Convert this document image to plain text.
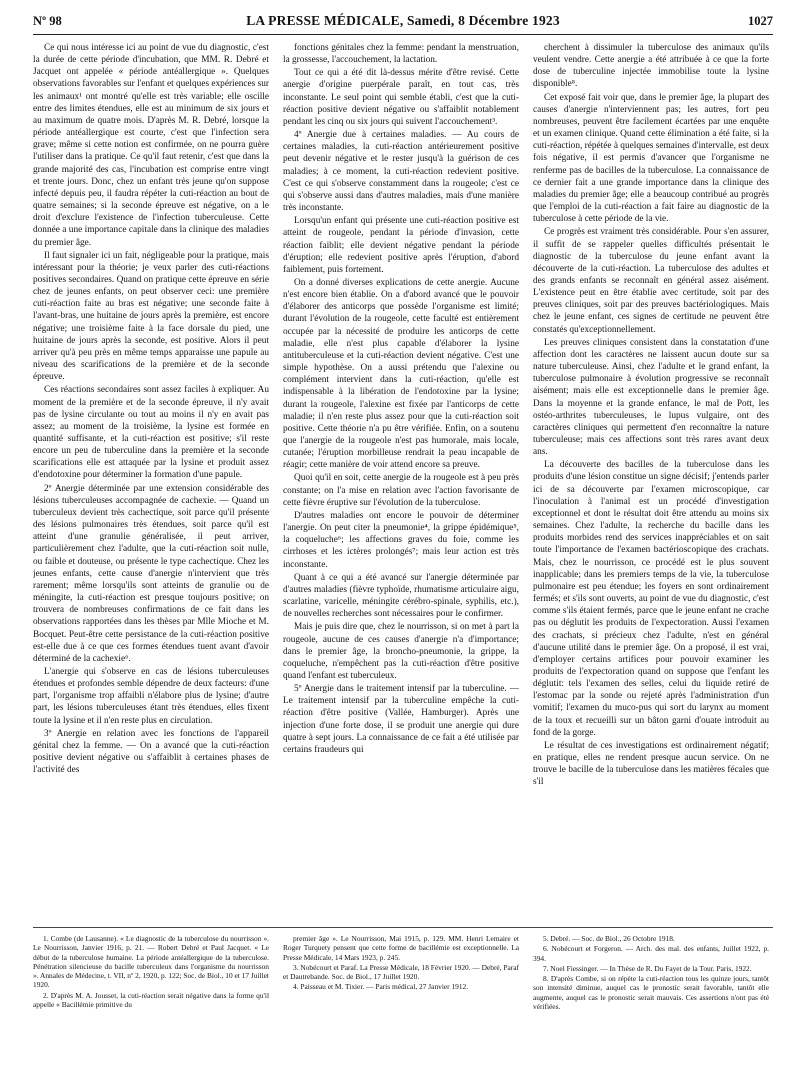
Nº 98	LA PRESSE MÉDICALE, Samedi, 8 Décembre 1923	1027

Ce qui nous intéresse ici au point de vue du diagnostic, c'est la durée de cette période d'incubation, que MM. R. Debré et Jacquet ont appelée « période antéallergique ». Quelques observations favorables sur l'enfant et quelques expériences sur les animaux¹ ont montré qu'elle est très variable; elle oscille entre des limites étendues, elle est au minimum de six jours et au maximum de quatre mois. D'après M. R. Debré, lorsque la période antéallergique est courte, c'est que l'infection sera grave; même si cette notion est confirmée, on ne pourra guère l'utiliser dans la pratique. Ce qu'il faut retenir, c'est que dans la grande majorité des cas, l'incubation est comprise entre vingt et trente jours. Donc, chez un enfant très jeune qu'on suppose infecté depuis peu, il faudra répéter la cuti-réaction au bout de quatre semaines; si la seconde épreuve est négative, on a le droit d'exclure l'existence de l'infection tuberculeuse. Cette donnée a une importance capitale dans la clinique des maladies du premier âge.

Il faut signaler ici un fait, négligeable pour la pratique, mais intéressant pour la théorie; je veux parler des cuti-réactions positives secondaires. Quand on pratique cette épreuve en série chez de jeunes enfants, on peut observer ceci: une première cuti-réaction faite au bras est négative; une seconde faite à l'avant-bras, une huitaine de jours après la première, est encore négative; une troisième faite à la face dorsale du pied, une huitaine de jours après la seconde, est positive. Alors il peut arriver qu'à peu près en même temps apparaisse une papule au niveau des scarifications de la première et de la seconde épreuve.

Ces réactions secondaires sont assez faciles à expliquer. Au moment de la première et de la seconde épreuve, il n'y avait pas de lysine circulante ou tout au moins il n'y en avait pas assez; au moment de la troisième, la lysine est formée en quantité suffisante, et la cuti-réaction est positive; s'il reste encore un peu de tuberculine dans la première et la seconde scarifications elle est attaquée par la lysine et produit assez d'endotoxine pour déterminer la formation d'une papule.

2º Anergie déterminée par une extension considérable des lésions tuberculeuses accompagnée de cachexie. — Quand un tuberculeux devient très cachectique, soit parce qu'il présente des lésions pulmonaires très étendues, soit parce qu'il est atteint d'une granulie généralisée, il peut arriver, particulièrement chez l'adulte, que la cuti-réaction soit nulle, ou faible et douteuse, ou présente le type cachectique. Chez les jeunes enfants, cette cause d'anergie n'intervient que très rarement; même lorsqu'ils sont atteints de granulie ou de méningite, la cuti-réaction est presque toujours positive; on trouvera de nombreuses confirmations de ce fait dans les observations rapportées dans les thèses par Mlle Mioche et M. Bocquet. Peut-être cette persistance de la cuti-réaction positive est-elle due à ce que ces formes étendues tuent avant d'avoir déterminé de la cachexie⁶.

L'anergie qui s'observe en cas de lésions tuberculeuses étendues et profondes semble dépendre de deux facteurs: d'une part, l'organisme trop affaibli n'élabore plus de lysine; d'autre part, les lésions tuberculeuses étant très étendues, elles fixent toute la lysine et il n'en reste plus en circulation.

3º Anergie en relation avec les fonctions de l'appareil génital chez la femme. — On a avancé que la cuti-réaction positive devient négative ou s'affaiblit à certaines phases de l'activité des

fonctions génitales chez la femme: pendant la menstruation, la grossesse, l'accouchement, la lactation.

Tout ce qui a été dit là-dessus mérite d'être revisé. Cette anergie d'origine puerpérale paraît, en tout cas, très inconstante. Le seul point qui semble établi, c'est que la cuti-réaction positive devient négative ou s'affaiblit notablement pendant les cinq ou six jours qui suivent l'accouchement³.

4º Anergie due à certaines maladies. — Au cours de certaines maladies, la cuti-réaction antérieurement positive peut devenir négative et le rester jusqu'à la guérison de ces maladies; à ce moment, la cuti-réaction redevient positive. C'est ce qui s'observe constamment dans la rougeole; c'est ce qui s'observe aussi dans d'autres maladies, mais d'une manière très inconstante.

Lorsqu'un enfant qui présente une cuti-réaction positive est atteint de rougeole, pendant la période d'invasion, cette réaction faiblit; elle devient négative pendant la période d'éruption; elle redevient positive après l'éruption, d'abord faiblement, puis fortement.

On a donné diverses explications de cette anergie. Aucune n'est encore bien établie. On a d'abord avancé que le pouvoir d'élaborer des anticorps que possède l'organisme est limité; durant l'évolution de la rougeole, cette faculté est entièrement occupée par la nécessité de produire les anticorps de cette maladie, elle n'est plus capable d'élaborer la lysine antituberculeuse et la cuti-réaction devient négative. C'est une simple hypothèse. On a aussi prétendu que l'alexine ou complément intervient dans la cuti-réaction, qu'elle est indispensable à la libération de l'endotoxine par la lysine; durant la rougeole, l'alexine est fixée par l'anticorps de cette maladie; il n'en reste plus assez pour que la cuti-réaction soit positive. Cette théorie n'a pu être vérifiée. Enfin, on a soutenu que l'anergie de la rougeole n'est pas humorale, mais locale, cutanée; l'éruption morbilleuse rendrait la peau incapable de réagir; cette manière de voir attend encore sa preuve.

Quoi qu'il en soit, cette anergie de la rougeole est à peu près constante; on l'a mise en relation avec l'action favorisante de cette fièvre éruptive sur l'évolution de la tuberculose.

D'autres maladies ont encore le pouvoir de déterminer l'anergie. On peut citer la pneumonie⁴, la grippe épidémique⁵, la coqueluche⁶; les affections graves du foie, comme les cirrhoses et les ictères prolongés⁷; mais leur action est très inconstante.

Quant à ce qui a été avancé sur l'anergie déterminée par d'autres maladies (fièvre typhoïde, rhumatisme articulaire aigu, scarlatine, varicelle, méningite cérébro-spinale, syphilis, etc.), de nouvelles recherches sont nécessaires pour le confirmer.

Mais je puis dire que, chez le nourrisson, si on met à part la rougeole, aucune de ces causes d'anergie n'a d'importance; dans le premier âge, la broncho-pneumonie, la grippe, la coqueluche, n'empêchent pas la cuti-réaction d'être positive quand l'enfant est tuberculeux.

5º Anergie dans le traitement intensif par la tuberculine. — Le traitement intensif par la tuberculine empêche la cuti-réaction d'être positive (Vallée, Hamburger). Après une injection d'une forte dose, il se produit une anergie qui dure quatre à sept jours. La connaissance de ce fait a été utilisée par certains fraudeurs qui

cherchent à dissimuler la tuberculose des animaux qu'ils veulent vendre. Cette anergie a été attribuée à ce que la forte dose de tuberculine injectée immobilise toute la lysine disponible⁸.

Cet exposé fait voir que, dans le premier âge, la plupart des causes d'anergie n'interviennent pas; les autres, fort peu nombreuses, peuvent être facilement écartées par une enquête et un examen clinique. Quand cette élimination a été faite, si la cuti-réaction, répétée à quelques semaines d'intervalle, est deux fois négative, il est permis d'avancer que l'organisme ne renferme pas de bacilles de la tuberculose. La connaissance de ce dernier fait a une grande importance dans la clinique des maladies du premier âge; elle a beaucoup contribué au progrès que l'emploi de la cuti-réaction a fait faire au diagnostic de la tuberculose à cette période de la vie.

Ce progrès est vraiment très considérable. Pour s'en assurer, il suffit de se rappeler quelles difficultés présentait le diagnostic de la tuberculose du jeune enfant avant la découverte de la cuti-réaction. La tuberculose des adultes et des grands enfants se reconnaît en général assez aisément. L'existence peut en être établie avec certitude, soit par des preuves cliniques, soit par des preuves bactériologiques. Mais chez le jeune enfant, ces signes de certitude ne peuvent être constatés qu'exceptionnellement.

Les preuves cliniques consistent dans la constatation d'une affection dont les caractères ne laissent aucun doute sur sa nature tuberculeuse. Ainsi, chez l'adulte et le grand enfant, la tuberculose pulmonaire à évolution progressive se reconnaît aisément; mais elle est exceptionnelle dans le premier âge. Dans la moyenne et la grande enfance, le mal de Pott, les ostéo-arthrites tuberculeuses, le lupus vulgaire, ont des caractères cliniques qui permettent d'en reconnaître la nature tuberculeuse; mais ces affections sont très rares avant deux ans.

La découverte des bacilles de la tuberculose dans les produits d'une lésion constitue un signe décisif; j'entends parler ici de sa découverte par l'examen microscopique, car l'inoculation à l'animal est un procédé d'investigation exceptionnel et dont le résultat doit être attendu au moins six semaines. Chez l'adulte, la recherche du bacille dans les produits morbides rend des services inappréciables et on sait toute l'importance de l'examen bactérioscopique des crachats. Mais, chez le nourrisson, ce procédé est le plus souvent inapplicable; dans les premiers temps de la vie, la tuberculose pulmonaire est peu étendue; les foyers en sont ordinairement fermés; et s'ils sont ouverts, au point de vue du diagnostic, c'est comme s'ils étaient fermés, parce que le jeune enfant ne crache pas ou déglutit les produits de l'expectoration. Aussi l'examen des crachats, si précieux chez l'adulte, n'est en général d'aucune utilité dans le premier âge. On a proposé, il est vrai, d'employer certains artifices pour pouvoir examiner les produits de l'expectoration quand on suppose que l'enfant les déglutit: tels l'examen des selles, celui du liquide retiré de l'estomac par la sonde ou rejeté après l'administration d'un vomitif; l'examen du muco-pus qui sort du larynx au moment de la toux et recueilli sur un bâton garni d'ouate introduit au fond de la gorge.

Le résultat de ces investigations est ordinairement négatif; en pratique, elles ne rendent presque aucun service. On ne trouve le bacille de la tuberculose dans les matières fécales que s'il

1. Combe (de Lausanne). « Le diagnostic de la tuberculose du nourrisson ». Le Nourrisson, Janvier 1916, p. 21. — Robert Debré et Paul Jacquet. « Le début de la tuberculose humaine. La période antéallergique de la tuberculose. Pénétration silencieuse du bacille tuberculeux dans l'organisme du nourrisson ». Annales de Médecine, t. VII, nº 2, 1920, p. 122; Soc. de Biol., 10 et 17 Juillet 1920.

2. D'après M. A. Jousset, la cuti-réaction serait négative dans la forme qu'il appelle « Bacillémie primitive du

premier âge ». Le Nourrisson, Mai 1915, p. 129. MM. Henri Lemaire et Roger Turquety pensent que cette forme de bacillémie est exceptionnelle. La Presse Médicale, 14 Mars 1923, p. 245.

3. Nobécourt et Paraf. La Presse Médicale, 18 Février 1920. — Debré, Paraf et Dautrebande. Soc. de Biol., 17 Juillet 1920.

4. Paisseau et M. Tixier. — Paris médical, 27 Janvier 1912.

5. Debré. — Soc. de Biol., 26 Octobre 1918.

6. Nobécourt et Forgeron. — Arch. des mal. des enfants, Juillet 1922, p. 394.

7. Noel Fiessinger. — In Thèse de R. Du Fayet de la Tour. Paris, 1922.

8. D'après Combe, si on répète la cuti-réaction tous les quinze jours, tantôt son intensité diminue, auquel cas le pronostic serait favorable, tantôt elle augmente, auquel cas le pronostic serait mauvais. Ces assertions n'ont pas été vérifiées.
